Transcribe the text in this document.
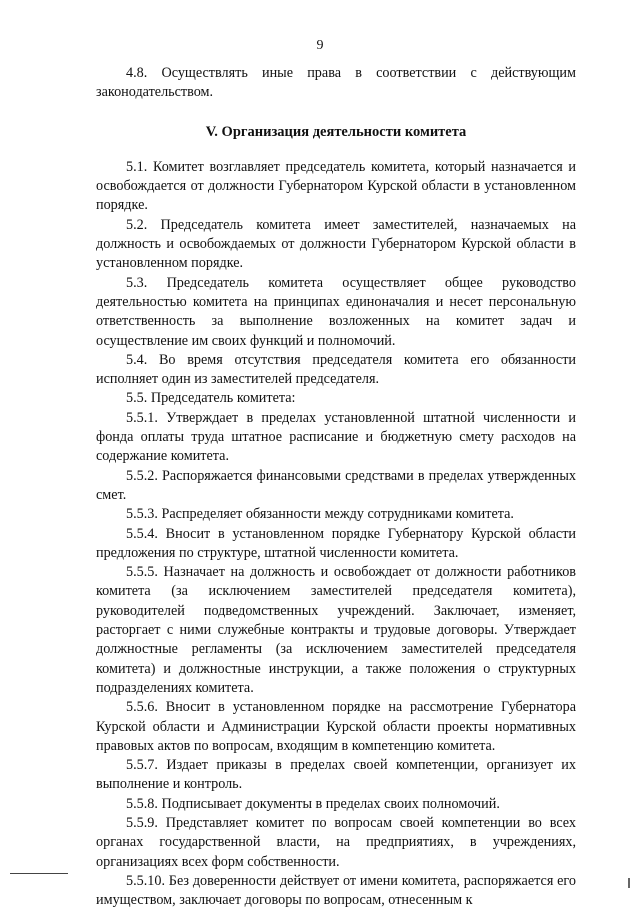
9

4.8. Осуществлять иные права в соответствии с действующим законодательством.

V. Организация деятельности комитета

5.1. Комитет возглавляет председатель комитета, который назначается и освобождается от должности Губернатором Курской области в установленном порядке.

5.2. Председатель комитета имеет заместителей, назначаемых на должность и освобождаемых от должности Губернатором Курской области в установленном порядке.

5.3. Председатель комитета осуществляет общее руководство деятельностью комитета на принципах единоначалия и несет персональную ответственность за выполнение возложенных на комитет задач и осуществление им своих функций и полномочий.

5.4. Во время отсутствия председателя комитета его обязанности исполняет один из заместителей председателя.

5.5. Председатель комитета:

5.5.1. Утверждает в пределах установленной штатной численности и фонда оплаты труда штатное расписание и бюджетную смету расходов на содержание комитета.

5.5.2. Распоряжается финансовыми средствами в пределах утвержденных смет.

5.5.3. Распределяет обязанности между сотрудниками комитета.

5.5.4. Вносит в установленном порядке Губернатору Курской области предложения по структуре, штатной численности комитета.

5.5.5. Назначает на должность и освобождает от должности работников комитета (за исключением заместителей председателя комитета), руководителей подведомственных учреждений. Заключает, изменяет, расторгает с ними служебные контракты и трудовые договоры. Утверждает должностные регламенты (за исключением заместителей председателя комитета) и должностные инструкции, а также положения о структурных подразделениях комитета.

5.5.6. Вносит в установленном порядке на рассмотрение Губернатора Курской области и Администрации Курской области проекты нормативных правовых актов по вопросам, входящим в компетенцию комитета.

5.5.7. Издает приказы в пределах своей компетенции, организует их выполнение и контроль.

5.5.8. Подписывает документы в пределах своих полномочий.

5.5.9. Представляет комитет по вопросам своей компетенции во всех органах государственной власти, на предприятиях, в учреждениях, организациях всех форм собственности.

5.5.10. Без доверенности действует от имени комитета, распоряжается его имуществом, заключает договоры по вопросам, отнесенным к
